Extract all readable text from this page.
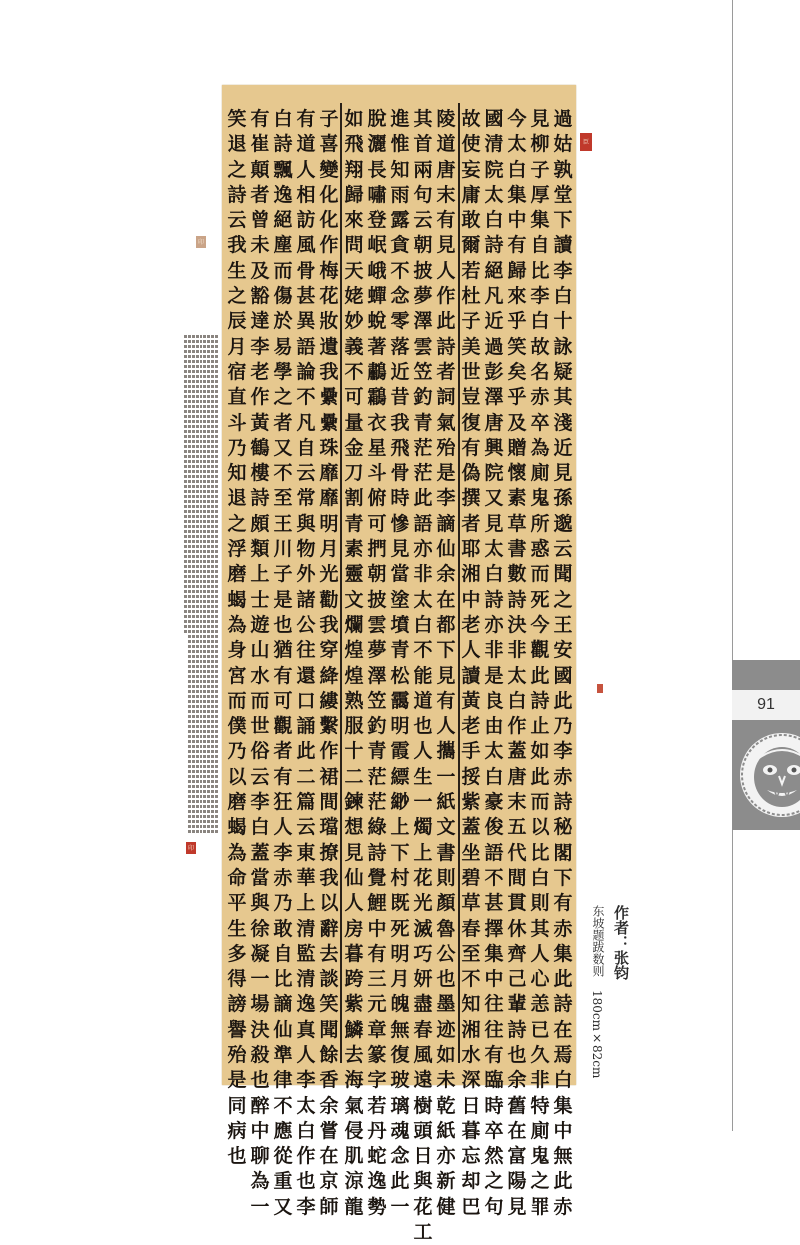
過
姑
孰
堂
下
讀
李
白
十
詠
疑
其
淺
近
見
孫
邈
云
聞
之
王
安
國
此
乃
李
赤
詩
秘
閣
下
有
赤
集
此
詩
在
焉
白
集
中
無
此
赤
見
柳
子
厚
集
自
比
李
白
故
名
赤
卒
為
廁
鬼
所
惑
而
死
今
觀
此
詩
止
如
此
而
以
比
白
則
其
人
心
恙
已
久
非
特
廁
鬼
之
罪
今
太
白
集
中
有
歸
來
乎
笑
矣
乎
及
贈
懷
素
草
書
數
詩
決
非
太
白
作
蓋
唐
末
五
代
間
貫
休
齊
己
輩
詩
也
余
舊
在
富
陽
見
國
清
院
太
白
詩
絕
凡
近
過
彭
澤
唐
興
院
又
見
太
白
詩
亦
非
是
良
由
太
白
豪
俊
語
不
甚
擇
集
中
往
往
有
臨
時
卒
然
之
句
故
使
妄
庸
敢
爾
若
杜
子
美
世
豈
復
有
偽
撰
者
耶
湘
中
老
人
讀
黃
老
手
挼
紫
蓋
坐
碧
草
春
至
不
知
湘
水
深
日
暮
忘
却
巴
陵
道
唐
末
有
見
人
作
此
詩
者
詞
氣
殆
是
李
謫
仙
余
在
都
下
見
有
人
攜
一
紙
文
書
則
顏
魯
公
也
墨
迹
如
未
乾
紙
亦
新
健
其
首
兩
句
云
朝
披
夢
澤
雲
笠
釣
青
茫
茫
此
語
亦
非
太
白
不
能
道
也
人
生
一
燭
上
花
光
滅
巧
妍
盡
春
風
遠
樹
頭
日
與
花
工
進
惟
知
雨
露
貪
不
念
零
落
近
昔
我
飛
骨
時
慘
見
當
塗
墳
青
松
靄
明
霞
縹
緲
上
下
村
既
死
明
月
魄
無
復
玻
璃
魂
念
此
一
脫
灑
長
嘯
登
岷
峨
蟬
蛻
著
鷫
鸘
衣
星
斗
俯
可
捫
朝
披
雲
夢
澤
笠
釣
青
茫
茫
綠
詩
覺
鯉
中
有
三
元
章
篆
字
若
丹
蛇
逸
勢
如
飛
翔
歸
來
問
天
姥
妙
義
不
可
量
金
刀
割
青
素
靈
文
爛
煌
煌
熟
服
十
二
鍊
想
見
仙
人
房
暮
跨
紫
鱗
去
海
氣
侵
肌
涼
龍
子
喜
變
化
化
作
梅
花
妝
遺
我
纍
纍
珠
靡
靡
明
月
光
勸
我
穿
絳
縷
繫
作
裙
間
璫
撩
我
以
辭
去
談
笑
聞
餘
香
余
嘗
在
京
師
有
道
人
相
訪
風
骨
甚
異
語
論
不
凡
自
云
常
與
物
外
諸
公
往
還
口
誦
此
二
篇
云
東
華
上
清
監
清
逸
真
人
李
太
白
作
也
李
白
詩
飄
逸
絕
塵
而
傷
於
易
學
之
者
又
不
至
王
川
子
是
也
猶
有
可
觀
者
有
狂
人
李
赤
乃
敢
自
比
謫
仙
準
律
不
應
從
重
又
有
崔
顛
者
曾
未
及
豁
達
李
老
作
黃
鶴
樓
詩
頗
類
上
士
遊
山
水
而
世
俗
云
李
白
蓋
當
與
徐
凝
一
場
決
殺
也
醉
中
聊
為
一
笑
退
之
詩
云
我
生
之
辰
月
宿
直
斗
乃
知
退
之
浮
磨
蝎
為
身
宮
而
僕
乃
以
磨
蝎
為
命
平
生
多
得
謗
譽
殆
是
同
病
也
臣
印
印
91
作者：张钧
东坡题跋数则
180cm×82cm
